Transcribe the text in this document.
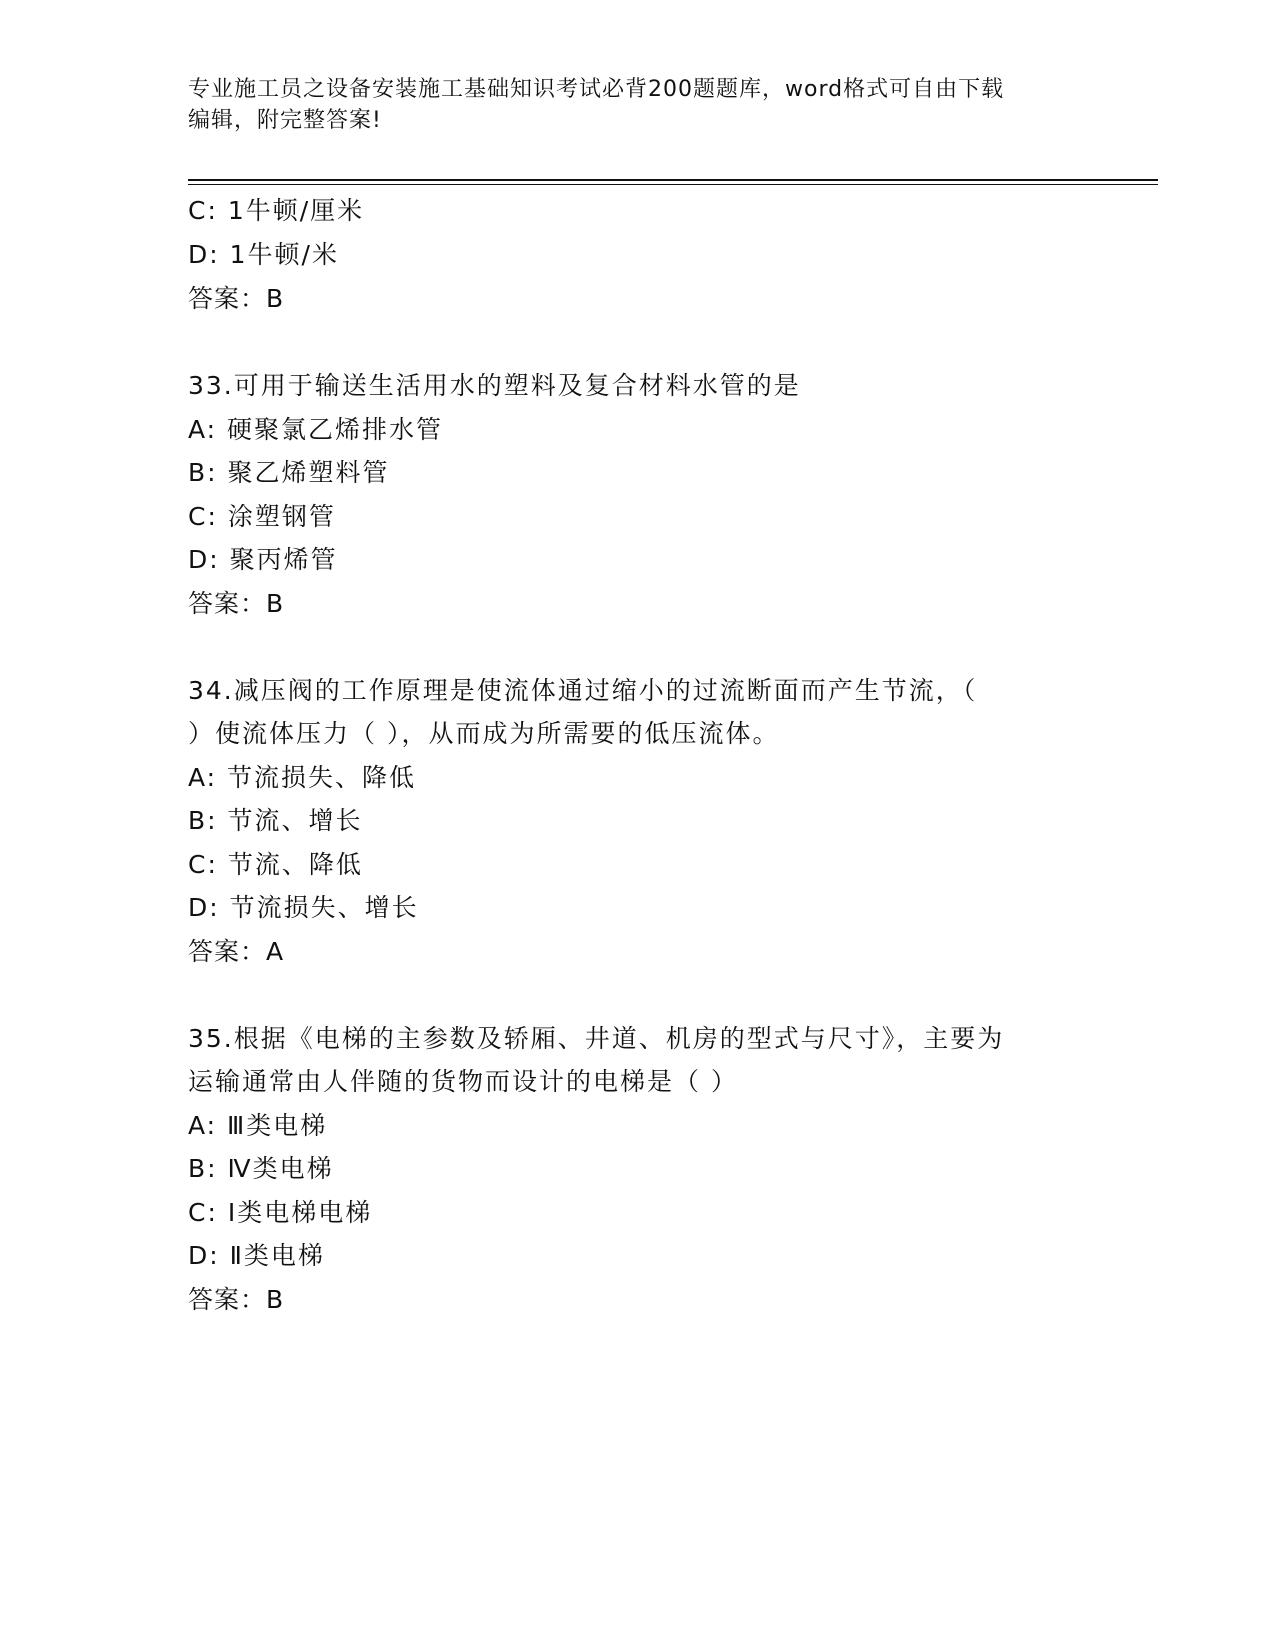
专业施工员之设备安装施工基础知识考试必背200题题库，word格式可自由下载
编辑，附完整答案!
C: 1牛顿/厘米
D: 1牛顿/米
答案：B
33.可用于输送生活用水的塑料及复合材料水管的是
A: 硬聚氯乙烯排水管
B: 聚乙烯塑料管
C: 涂塑钢管
D: 聚丙烯管
答案：B
34.减压阀的工作原理是使流体通过缩小的过流断面而产生节流，（
）使流体压力（ ），从而成为所需要的低压流体。
A: 节流损失、降低
B: 节流、增长
C: 节流、降低
D: 节流损失、增长
答案：A
35.根据《电梯的主参数及轿厢、井道、机房的型式与尺寸》，主要为
运输通常由人伴随的货物而设计的电梯是（ ）
A: Ⅲ类电梯
B: Ⅳ类电梯
C: Ⅰ类电梯电梯
D: Ⅱ类电梯
答案：B
